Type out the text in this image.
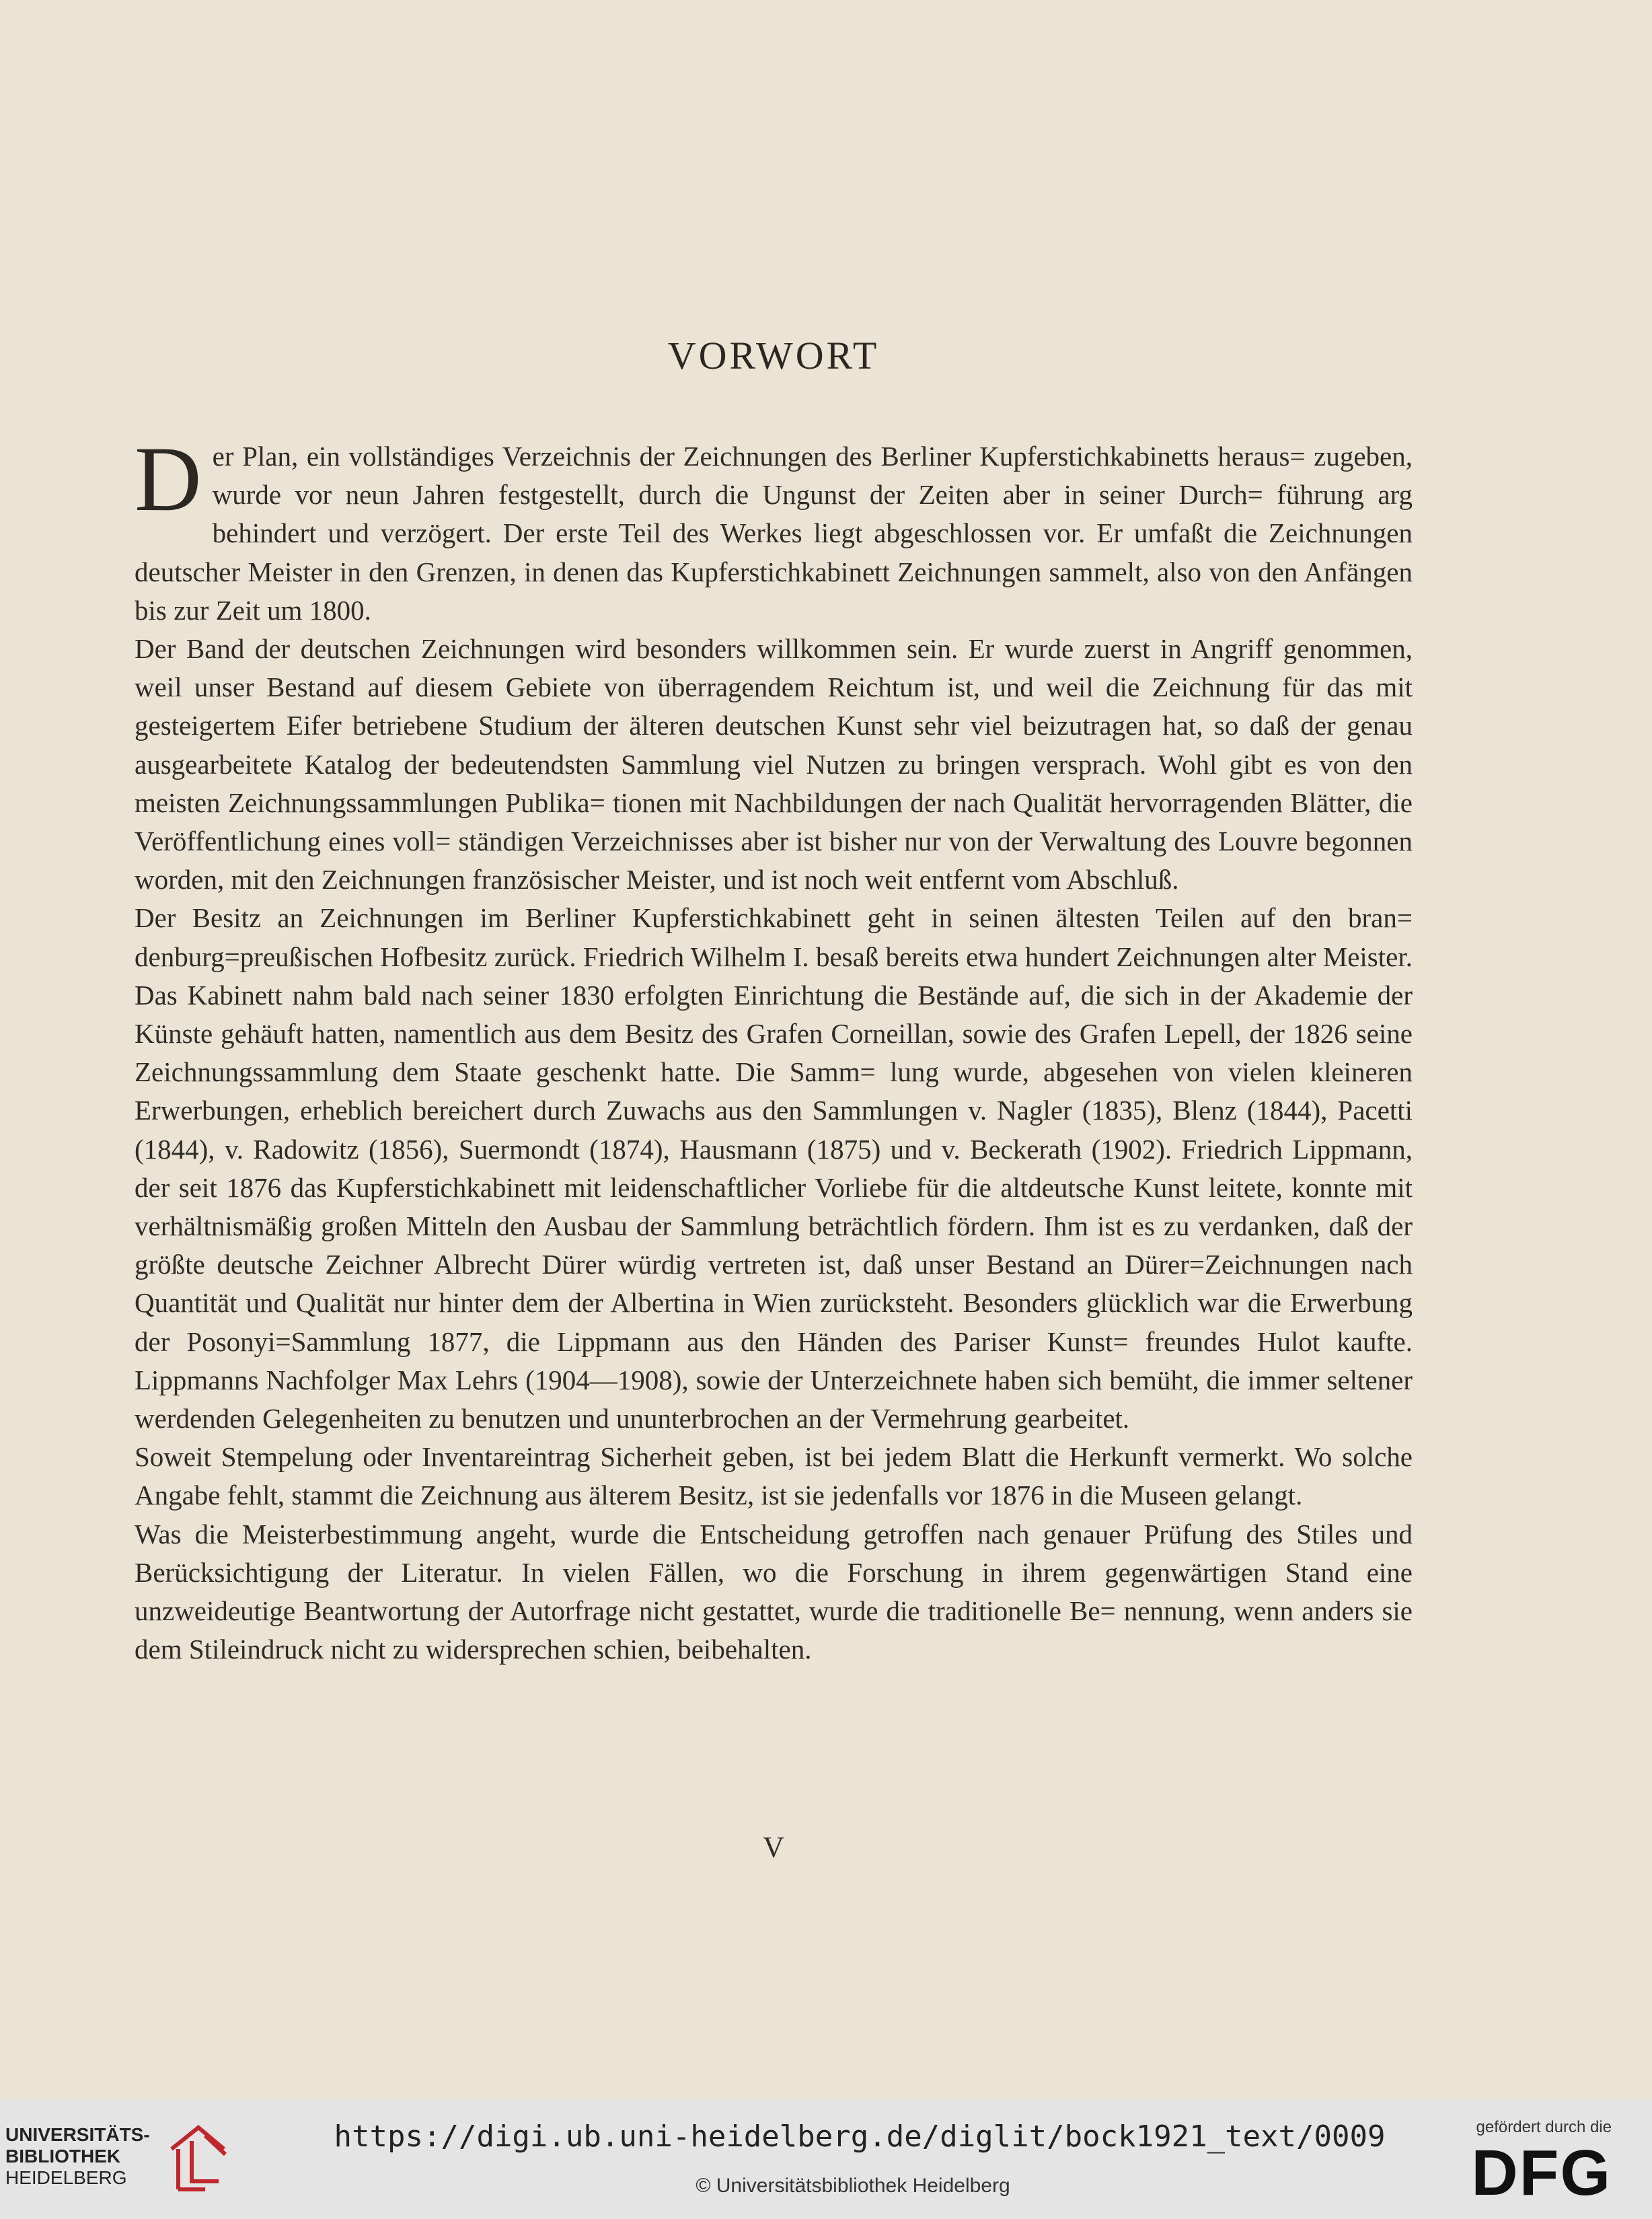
VORWORT

Der Plan, ein vollständiges Verzeichnis der Zeichnungen des Berliner Kupferstichkabinetts heraus= zugeben, wurde vor neun Jahren festgestellt, durch die Ungunst der Zeiten aber in seiner Durch= führung arg behindert und verzögert. Der erste Teil des Werkes liegt abgeschlossen vor. Er umfaßt die Zeichnungen deutscher Meister in den Grenzen, in denen das Kupferstichkabinett Zeichnungen sammelt, also von den Anfängen bis zur Zeit um 1800.

Der Band der deutschen Zeichnungen wird besonders willkommen sein. Er wurde zuerst in Angriff genommen, weil unser Bestand auf diesem Gebiete von überragendem Reichtum ist, und weil die Zeichnung für das mit gesteigertem Eifer betriebene Studium der älteren deutschen Kunst sehr viel beizutragen hat, so daß der genau ausgearbeitete Katalog der bedeutendsten Sammlung viel Nutzen zu bringen versprach. Wohl gibt es von den meisten Zeichnungssammlungen Publika= tionen mit Nachbildungen der nach Qualität hervorragenden Blätter, die Veröffentlichung eines voll= ständigen Verzeichnisses aber ist bisher nur von der Verwaltung des Louvre begonnen worden, mit den Zeichnungen französischer Meister, und ist noch weit entfernt vom Abschluß.

Der Besitz an Zeichnungen im Berliner Kupferstichkabinett geht in seinen ältesten Teilen auf den bran= denburg=preußischen Hofbesitz zurück. Friedrich Wilhelm I. besaß bereits etwa hundert Zeichnungen alter Meister. Das Kabinett nahm bald nach seiner 1830 erfolgten Einrichtung die Bestände auf, die sich in der Akademie der Künste gehäuft hatten, namentlich aus dem Besitz des Grafen Corneillan, sowie des Grafen Lepell, der 1826 seine Zeichnungssammlung dem Staate geschenkt hatte. Die Samm= lung wurde, abgesehen von vielen kleineren Erwerbungen, erheblich bereichert durch Zuwachs aus den Sammlungen v. Nagler (1835), Blenz (1844), Pacetti (1844), v. Radowitz (1856), Suermondt (1874), Hausmann (1875) und v. Beckerath (1902). Friedrich Lippmann, der seit 1876 das Kupferstichkabinett mit leidenschaftlicher Vorliebe für die altdeutsche Kunst leitete, konnte mit verhältnismäßig großen Mitteln den Ausbau der Sammlung beträchtlich fördern. Ihm ist es zu verdanken, daß der größte deutsche Zeichner Albrecht Dürer würdig vertreten ist, daß unser Bestand an Dürer=Zeichnungen nach Quantität und Qualität nur hinter dem der Albertina in Wien zurücksteht. Besonders glücklich war die Erwerbung der Posonyi=Sammlung 1877, die Lippmann aus den Händen des Pariser Kunst= freundes Hulot kaufte. Lippmanns Nachfolger Max Lehrs (1904—1908), sowie der Unterzeichnete haben sich bemüht, die immer seltener werdenden Gelegenheiten zu benutzen und ununterbrochen an der Vermehrung gearbeitet.

Soweit Stempelung oder Inventareintrag Sicherheit geben, ist bei jedem Blatt die Herkunft vermerkt. Wo solche Angabe fehlt, stammt die Zeichnung aus älterem Besitz, ist sie jedenfalls vor 1876 in die Museen gelangt.

Was die Meisterbestimmung angeht, wurde die Entscheidung getroffen nach genauer Prüfung des Stiles und Berücksichtigung der Literatur. In vielen Fällen, wo die Forschung in ihrem gegenwärtigen Stand eine unzweideutige Beantwortung der Autorfrage nicht gestattet, wurde die traditionelle Be= nennung, wenn anders sie dem Stileindruck nicht zu widersprechen schien, beibehalten.

V
UNIVERSITÄTS-
BIBLIOTHEK
HEIDELBERG
https://digi.ub.uni-heidelberg.de/diglit/bock1921_text/0009
© Universitätsbibliothek Heidelberg
gefördert durch die
DFG
